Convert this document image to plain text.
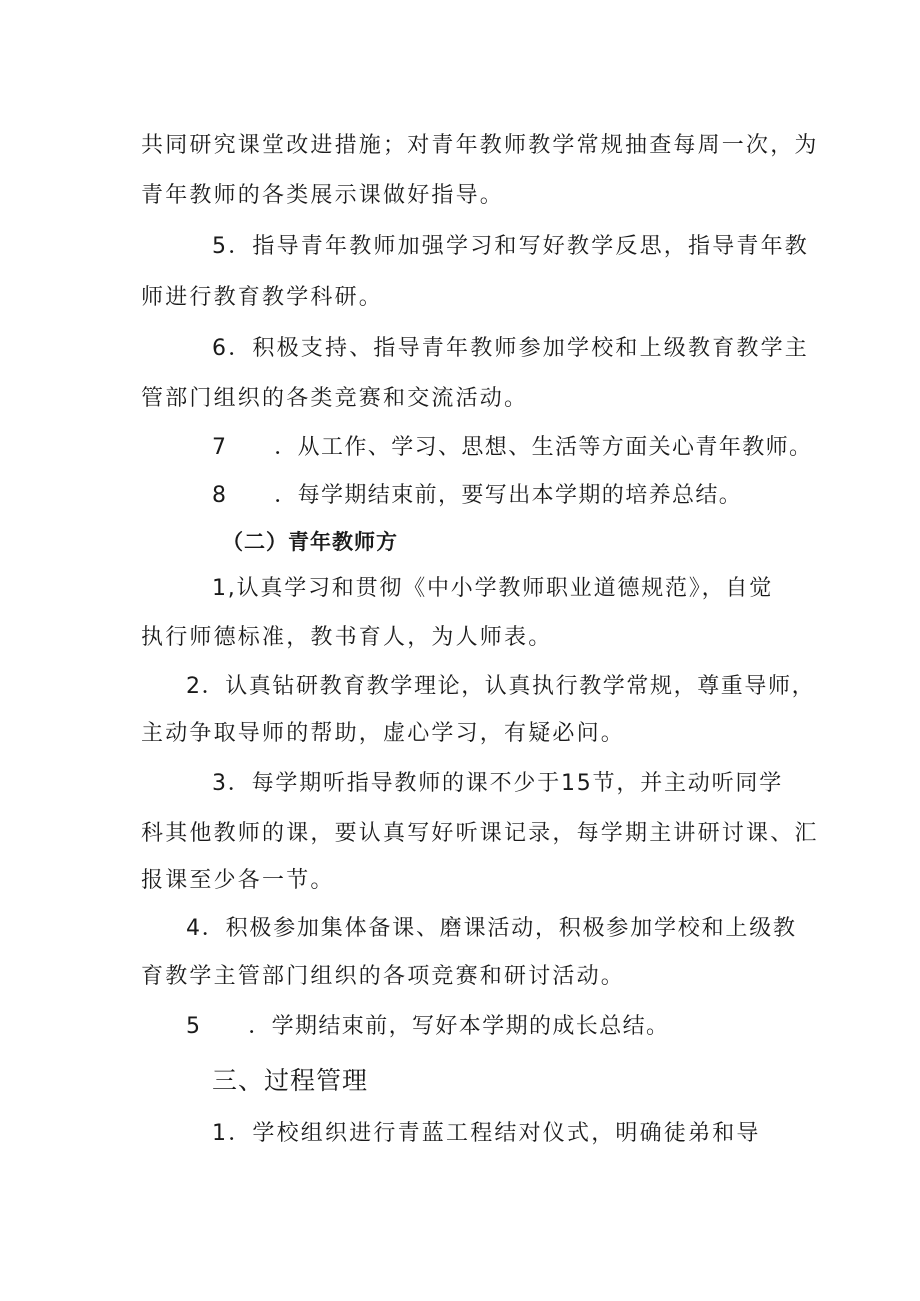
共同研究课堂改进措施；对青年教师教学常规抽查每周一次，为
青年教师的各类展示课做好指导。
5．指导青年教师加强学习和写好教学反思，指导青年教
师进行教育教学科研。
6．积极支持、指导青年教师参加学校和上级教育教学主
管部门组织的各类竞赛和交流活动。
7　　．从工作、学习、思想、生活等方面关心青年教师。
8　　．每学期结束前，要写出本学期的培养总结。
（二）青年教师方
1,认真学习和贯彻《中小学教师职业道德规范》，自觉
执行师德标准，教书育人，为人师表。
2．认真钻研教育教学理论，认真执行教学常规，尊重导师，
主动争取导师的帮助，虚心学习，有疑必问。
3．每学期听指导教师的课不少于15节，并主动听同学
科其他教师的课，要认真写好听课记录，每学期主讲研讨课、汇
报课至少各一节。
4．积极参加集体备课、磨课活动，积极参加学校和上级教
育教学主管部门组织的各项竞赛和研讨活动。
5　　．学期结束前，写好本学期的成长总结。
三、过程管理
1．学校组织进行青蓝工程结对仪式，明确徒弟和导
